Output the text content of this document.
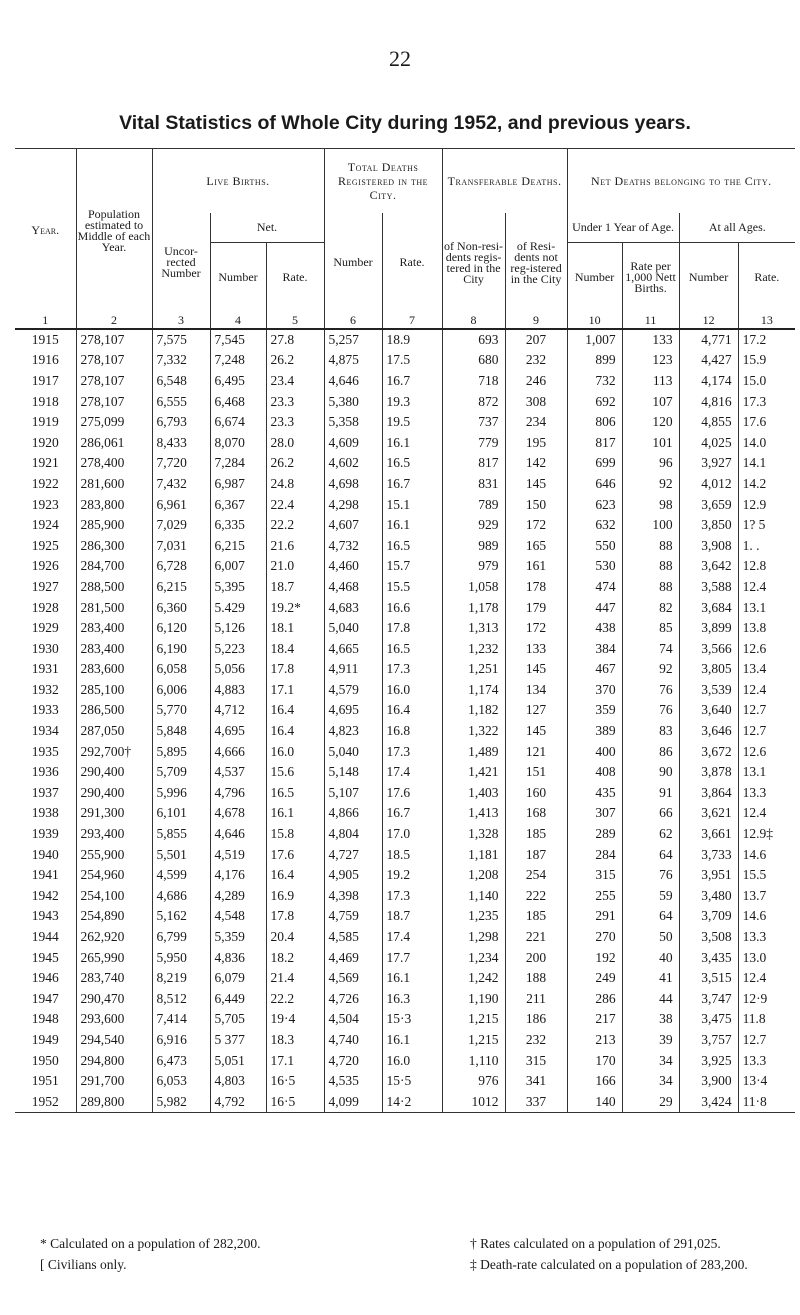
22
Vital Statistics of Whole City during 1952, and previous years.
Year.	Population estimated to Middle of each Year.	Live Births.			Total Deaths Registered in the City.		Transferable Deaths.		Net Deaths belonging to the City.			
		Uncor-rected Number	Net.		Number	Rate.	of Non-resi-dents regis-tered in the City	of Resi-dents not reg-istered in the City	Under 1 Year of Age.		At all Ages.	
			Number	Rate.					Number	Rate per 1,000 Nett Births.	Number	Rate.
1	2	3	4	5	6	7	8	9	10	11	12	13
1915	278,107	7,575	7,545	27.8	5,257	18.9	693	207	1,007	133	4,771	17.2
1916	278,107	7,332	7,248	26.2	4,875	17.5	680	232	899	123	4,427	15.9
1917	278,107	6,548	6,495	23.4	4,646	16.7	718	246	732	113	4,174	15.0
1918	278,107	6,555	6,468	23.3	5,380	19.3	872	308	692	107	4,816	17.3
1919	275,099	6,793	6,674	23.3	5,358	19.5	737	234	806	120	4,855	17.6
1920	286,061	8,433	8,070	28.0	4,609	16.1	779	195	817	101	4,025	14.0
1921	278,400	7,720	7,284	26.2	4,602	16.5	817	142	699	96	3,927	14.1
1922	281,600	7,432	6,987	24.8	4,698	16.7	831	145	646	92	4,012	14.2
1923	283,800	6,961	6,367	22.4	4,298	15.1	789	150	623	98	3,659	12.9
1924	285,900	7,029	6,335	22.2	4,607	16.1	929	172	632	100	3,850	1? 5
1925	286,300	7,031	6,215	21.6	4,732	16.5	989	165	550	88	3,908	1. .
1926	284,700	6,728	6,007	21.0	4,460	15.7	979	161	530	88	3,642	12.8
1927	288,500	6,215	5,395	18.7	4,468	15.5	1,058	178	474	88	3,588	12.4
1928	281,500	6,360	5.429	19.2*	4,683	16.6	1,178	179	447	82	3,684	13.1
1929	283,400	6,120	5,126	18.1	5,040	17.8	1,313	172	438	85	3,899	13.8
1930	283,400	6,190	5,223	18.4	4,665	16.5	1,232	133	384	74	3,566	12.6
1931	283,600	6,058	5,056	17.8	4,911	17.3	1,251	145	467	92	3,805	13.4
1932	285,100	6,006	4,883	17.1	4,579	16.0	1,174	134	370	76	3,539	12.4
1933	286,500	5,770	4,712	16.4	4,695	16.4	1,182	127	359	76	3,640	12.7
1934	287,050	5,848	4,695	16.4	4,823	16.8	1,322	145	389	83	3,646	12.7
1935	292,700†	5,895	4,666	16.0	5,040	17.3	1,489	121	400	86	3,672	12.6
1936	290,400	5,709	4,537	15.6	5,148	17.4	1,421	151	408	90	3,878	13.1
1937	290,400	5,996	4,796	16.5	5,107	17.6	1,403	160	435	91	3,864	13.3
1938	291,300	6,101	4,678	16.1	4,866	16.7	1,413	168	307	66	3,621	12.4
1939	293,400	5,855	4,646	15.8	4,804	17.0	1,328	185	289	62	3,661	12.9‡
1940	255,900	5,501	4,519	17.6	4,727	18.5	1,181	187	284	64	3,733	14.6
1941	254,960	4,599	4,176	16.4	4,905	19.2	1,208	254	315	76	3,951	15.5
1942	254,100	4,686	4,289	16.9	4,398	17.3	1,140	222	255	59	3,480	13.7
1943	254,890	5,162	4,548	17.8	4,759	18.7	1,235	185	291	64	3,709	14.6
1944	262,920	6,799	5,359	20.4	4,585	17.4	1,298	221	270	50	3,508	13.3
1945	265,990	5,950	4,836	18.2	4,469	17.7	1,234	200	192	40	3,435	13.0
1946	283,740	8,219	6,079	21.4	4,569	16.1	1,242	188	249	41	3,515	12.4
1947	290,470	8,512	6,449	22.2	4,726	16.3	1,190	211	286	44	3,747	12·9
1948	293,600	7,414	5,705	19·4	4,504	15·3	1,215	186	217	38	3,475	11.8
1949	294,540	6,916	5 377	18.3	4,740	16.1	1,215	232	213	39	3,757	12.7
1950	294,800	6,473	5,051	17.1	4,720	16.0	1,110	315	170	34	3,925	13.3
1951	291,700	6,053	4,803	16·5	4,535	15·5	976	341	166	34	3,900	13·4
1952	289,800	5,982	4,792	16·5	4,099	14·2	1012	337	140	29	3,424	11·8
* Calculated on a population of 282,200.	† Rates calculated on a population of 291,025.
[ Civilians only.	‡ Death-rate calculated on a population of 283,200.
